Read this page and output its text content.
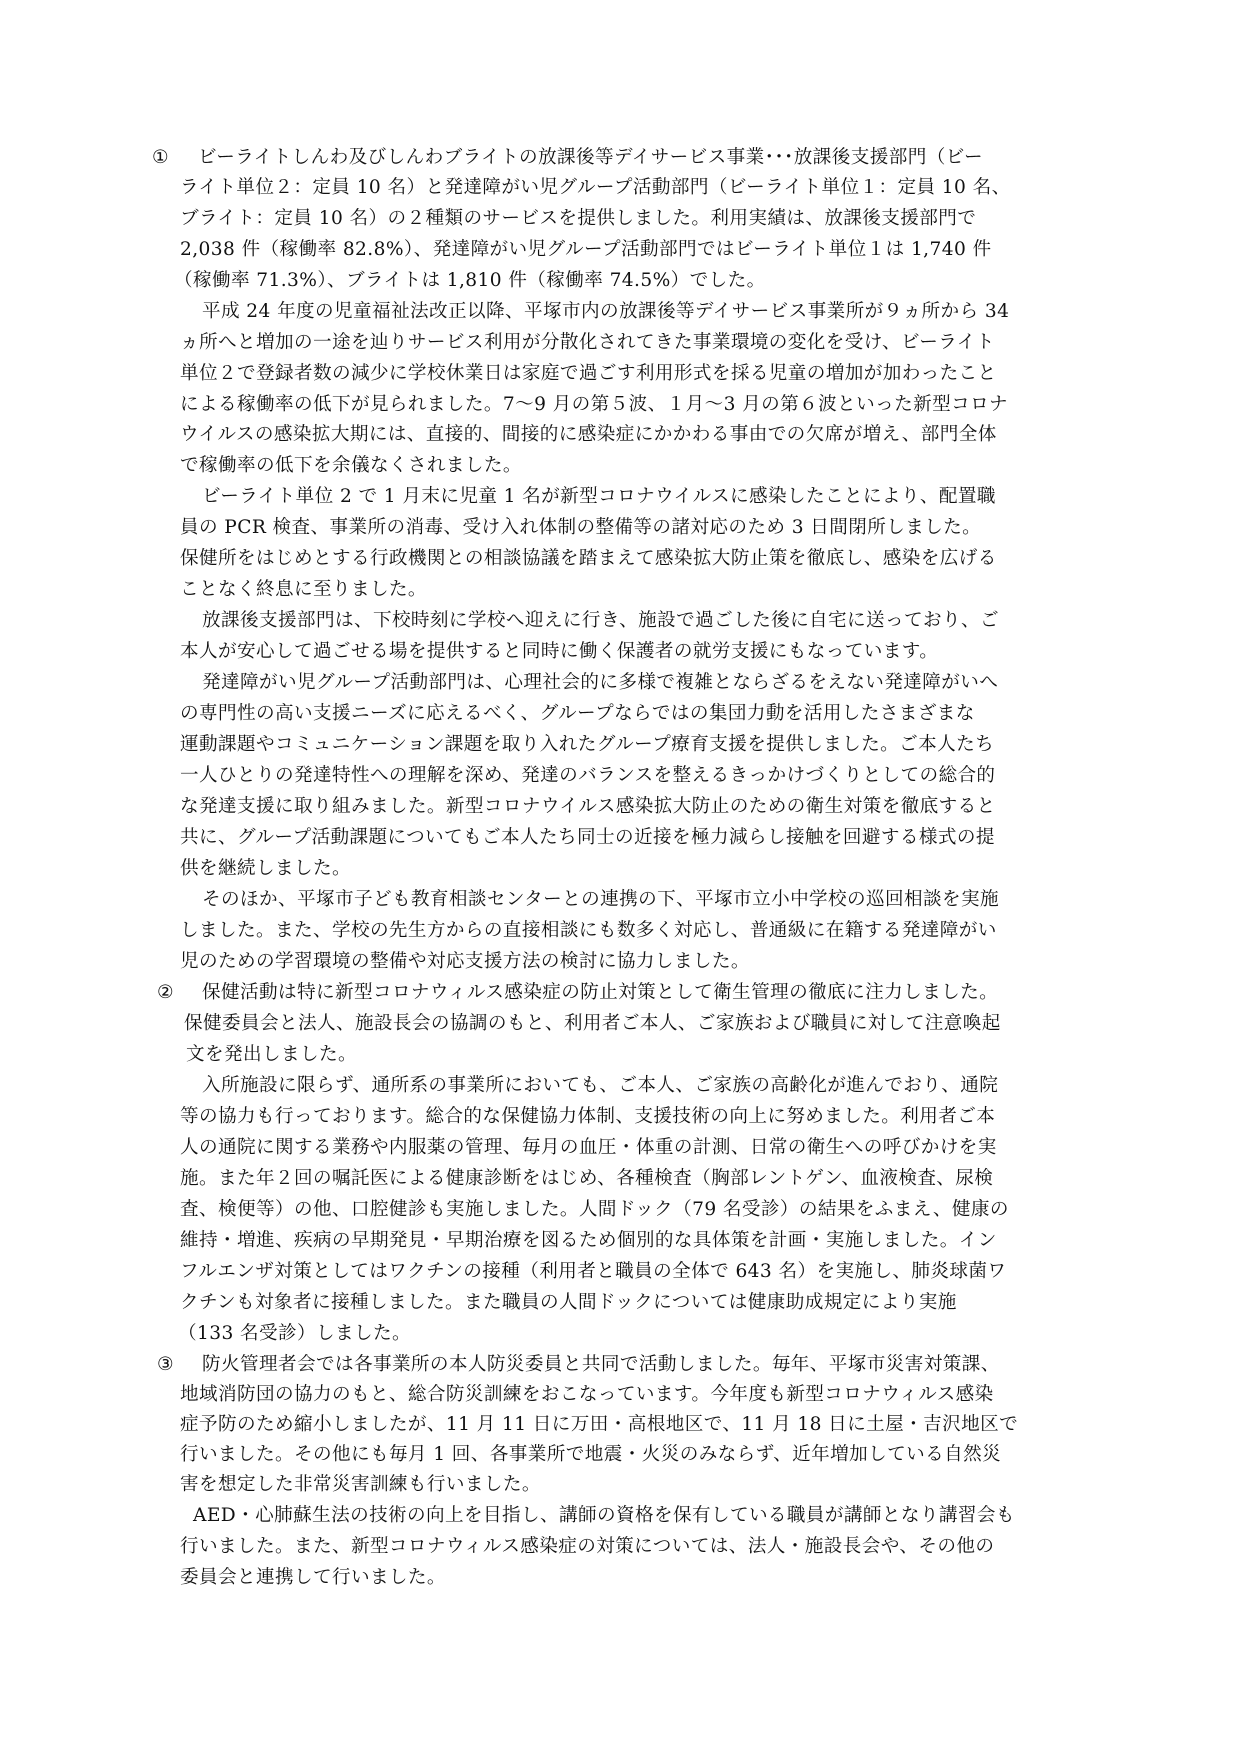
① ビーライトしんわ及びしんわブライトの放課後等デイサービス事業･･･放課後支援部門（ビー
ライト単位２：定員 10 名）と発達障がい児グループ活動部門（ビーライト単位１：定員 10 名、
ブライト：定員 10 名）の２種類のサービスを提供しました。利用実績は、放課後支援部門で
2,038 件（稼働率 82.8%）、発達障がい児グループ活動部門ではビーライト単位１は 1,740 件
（稼働率 71.3%）、ブライトは 1,810 件（稼働率 74.5%）でした。
平成 24 年度の児童福祉法改正以降、平塚市内の放課後等デイサービス事業所が９ヵ所から 34
ヵ所へと増加の一途を辿りサービス利用が分散化されてきた事業環境の変化を受け、ビーライト
単位２で登録者数の減少に学校休業日は家庭で過ごす利用形式を採る児童の増加が加わったこと
による稼働率の低下が見られました。7～9 月の第５波、１月～3 月の第６波といった新型コロナ
ウイルスの感染拡大期には、直接的、間接的に感染症にかかわる事由での欠席が増え、部門全体
で稼働率の低下を余儀なくされました。
ビーライト単位 2 で 1 月末に児童 1 名が新型コロナウイルスに感染したことにより、配置職
員の PCR 検査、事業所の消毒、受け入れ体制の整備等の諸対応のため 3 日間閉所しました。
保健所をはじめとする行政機関との相談協議を踏まえて感染拡大防止策を徹底し、感染を広げる
ことなく終息に至りました。
放課後支援部門は、下校時刻に学校へ迎えに行き、施設で過ごした後に自宅に送っており、ご
本人が安心して過ごせる場を提供すると同時に働く保護者の就労支援にもなっています。
発達障がい児グループ活動部門は、心理社会的に多様で複雑とならざるをえない発達障がいへ
の専門性の高い支援ニーズに応えるべく、グループならではの集団力動を活用したさまざまな
運動課題やコミュニケーション課題を取り入れたグループ療育支援を提供しました。ご本人たち
一人ひとりの発達特性への理解を深め、発達のバランスを整えるきっかけづくりとしての総合的
な発達支援に取り組みました。新型コロナウイルス感染拡大防止のための衛生対策を徹底すると
共に、グループ活動課題についてもご本人たち同士の近接を極力減らし接触を回避する様式の提
供を継続しました。
そのほか、平塚市子ども教育相談センターとの連携の下、平塚市立小中学校の巡回相談を実施
しました。また、学校の先生方からの直接相談にも数多く対応し、普通級に在籍する発達障がい
児のための学習環境の整備や対応支援方法の検討に協力しました。
② 保健活動は特に新型コロナウィルス感染症の防止対策として衛生管理の徹底に注力しました。
保健委員会と法人、施設長会の協調のもと、利用者ご本人、ご家族および職員に対して注意喚起
文を発出しました。
入所施設に限らず、通所系の事業所においても、ご本人、ご家族の高齢化が進んでおり、通院
等の協力も行っております。総合的な保健協力体制、支援技術の向上に努めました。利用者ご本
人の通院に関する業務や内服薬の管理、毎月の血圧・体重の計測、日常の衛生への呼びかけを実
施。また年２回の嘱託医による健康診断をはじめ、各種検査（胸部レントゲン、血液検査、尿検
査、検便等）の他、口腔健診も実施しました。人間ドック（79 名受診）の結果をふまえ、健康の
維持・増進、疾病の早期発見・早期治療を図るため個別的な具体策を計画・実施しました。イン
フルエンザ対策としてはワクチンの接種（利用者と職員の全体で 643 名）を実施し、肺炎球菌ワ
クチンも対象者に接種しました。また職員の人間ドックについては健康助成規定により実施
（133 名受診）しました。
③ 防火管理者会では各事業所の本人防災委員と共同で活動しました。毎年、平塚市災害対策課、
地域消防団の協力のもと、総合防災訓練をおこなっています。今年度も新型コロナウィルス感染
症予防のため縮小しましたが、11 月 11 日に万田・高根地区で、11 月 18 日に土屋・吉沢地区で
行いました。その他にも毎月 1 回、各事業所で地震・火災のみならず、近年増加している自然災
害を想定した非常災害訓練も行いました。
AED・心肺蘇生法の技術の向上を目指し、講師の資格を保有している職員が講師となり講習会も
行いました。また、新型コロナウィルス感染症の対策については、法人・施設長会や、その他の
委員会と連携して行いました。
